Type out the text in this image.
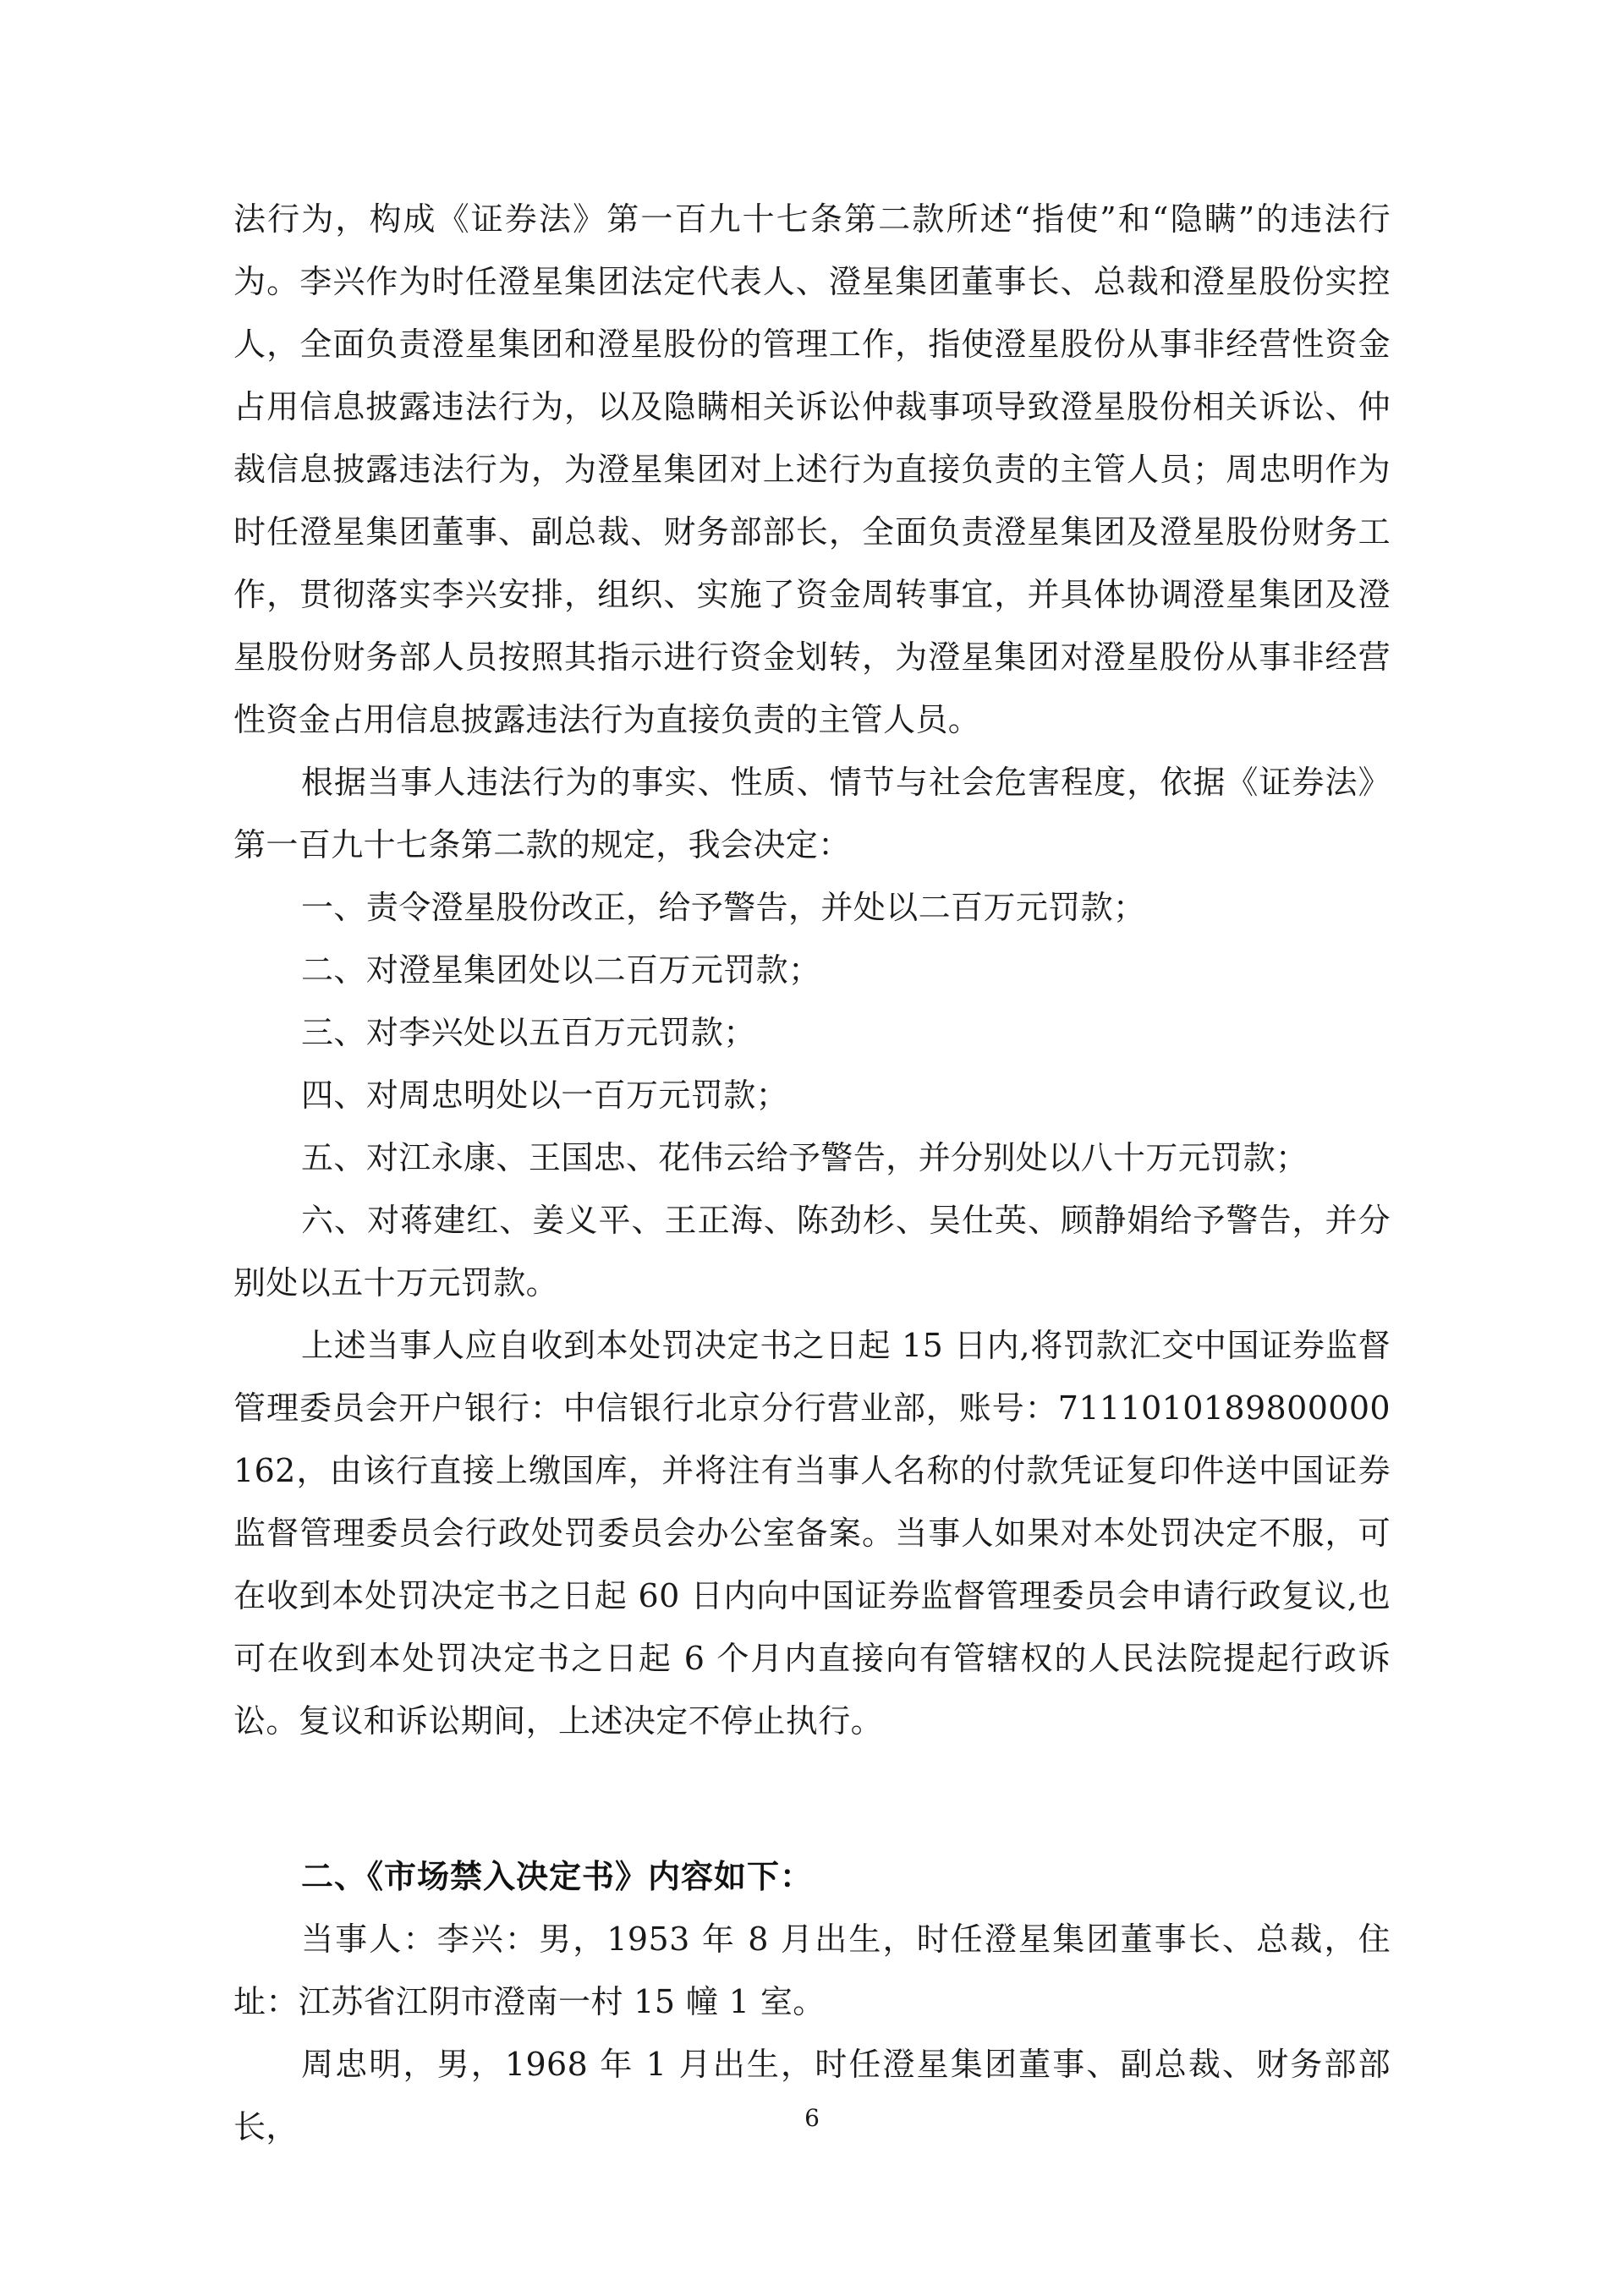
法行为，构成《证券法》第一百九十七条第二款所述“指使”和“隐瞒”的违法行为。李兴作为时任澄星集团法定代表人、澄星集团董事长、总裁和澄星股份实控人，全面负责澄星集团和澄星股份的管理工作，指使澄星股份从事非经营性资金占用信息披露违法行为，以及隐瞒相关诉讼仲裁事项导致澄星股份相关诉讼、仲裁信息披露违法行为，为澄星集团对上述行为直接负责的主管人员；周忠明作为时任澄星集团董事、副总裁、财务部部长，全面负责澄星集团及澄星股份财务工作，贯彻落实李兴安排，组织、实施了资金周转事宜，并具体协调澄星集团及澄星股份财务部人员按照其指示进行资金划转，为澄星集团对澄星股份从事非经营性资金占用信息披露违法行为直接负责的主管人员。

根据当事人违法行为的事实、性质、情节与社会危害程度，依据《证券法》第一百九十七条第二款的规定，我会决定：

一、责令澄星股份改正，给予警告，并处以二百万元罚款；

二、对澄星集团处以二百万元罚款；

三、对李兴处以五百万元罚款；

四、对周忠明处以一百万元罚款；

五、对江永康、王国忠、花伟云给予警告，并分别处以八十万元罚款；

六、对蒋建红、姜义平、王正海、陈劲杉、吴仕英、顾静娟给予警告，并分别处以五十万元罚款。

上述当事人应自收到本处罚决定书之日起 15 日内,将罚款汇交中国证券监督管理委员会开户银行：中信银行北京分行营业部，账号：7111010189800000162，由该行直接上缴国库，并将注有当事人名称的付款凭证复印件送中国证券监督管理委员会行政处罚委员会办公室备案。当事人如果对本处罚决定不服，可在收到本处罚决定书之日起 60 日内向中国证券监督管理委员会申请行政复议,也可在收到本处罚决定书之日起 6 个月内直接向有管辖权的人民法院提起行政诉讼。复议和诉讼期间，上述决定不停止执行。

二、《市场禁入决定书》内容如下：

当事人：李兴：男，1953 年 8 月出生，时任澄星集团董事长、总裁，住址：江苏省江阴市澄南一村 15 幢 1 室。

周忠明，男，1968 年 1 月出生，时任澄星集团董事、副总裁、财务部部长，	6
